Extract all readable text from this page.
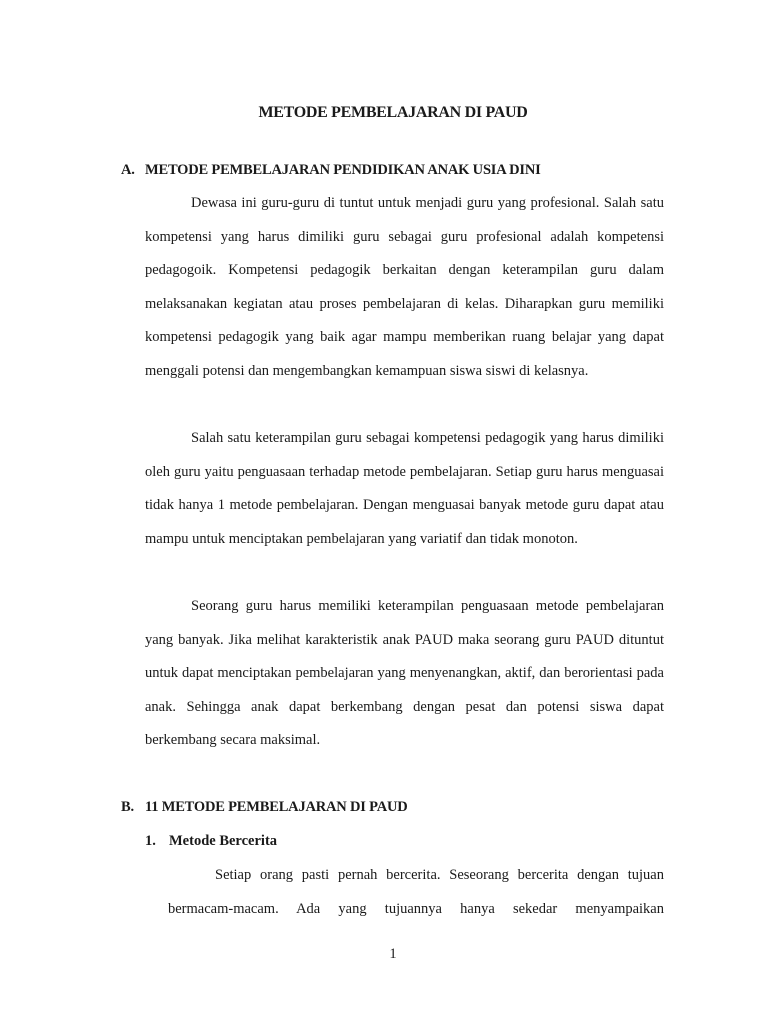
METODE PEMBELAJARAN DI PAUD
A. METODE PEMBELAJARAN PENDIDIKAN ANAK USIA DINI

Dewasa ini guru-guru di tuntut untuk menjadi guru yang profesional. Salah satu kompetensi yang harus dimiliki guru sebagai guru profesional adalah kompetensi pedagogoik. Kompetensi pedagogik berkaitan dengan keterampilan guru dalam melaksanakan kegiatan atau proses pembelajaran di kelas. Diharapkan guru memiliki kompetensi pedagogik yang baik agar mampu memberikan ruang belajar yang dapat menggali potensi dan mengembangkan kemampuan siswa siswi di kelasnya.

Salah satu keterampilan guru sebagai kompetensi pedagogik yang harus dimiliki oleh guru yaitu penguasaan terhadap metode pembelajaran. Setiap guru harus menguasai tidak hanya 1 metode pembelajaran. Dengan menguasai banyak metode guru dapat atau mampu untuk menciptakan pembelajaran yang variatif dan tidak monoton.

Seorang guru harus memiliki keterampilan penguasaan metode pembelajaran yang banyak. Jika melihat karakteristik anak PAUD maka seorang guru PAUD dituntut untuk dapat menciptakan pembelajaran yang menyenangkan, aktif, dan berorientasi pada anak. Sehingga anak dapat berkembang dengan pesat dan potensi siswa dapat berkembang secara maksimal.

B. 11 METODE PEMBELAJARAN DI PAUD
1. Metode Bercerita

Setiap orang pasti pernah bercerita. Seseorang bercerita dengan tujuan bermacam-macam. Ada yang tujuannya hanya sekedar menyampaikan

1
